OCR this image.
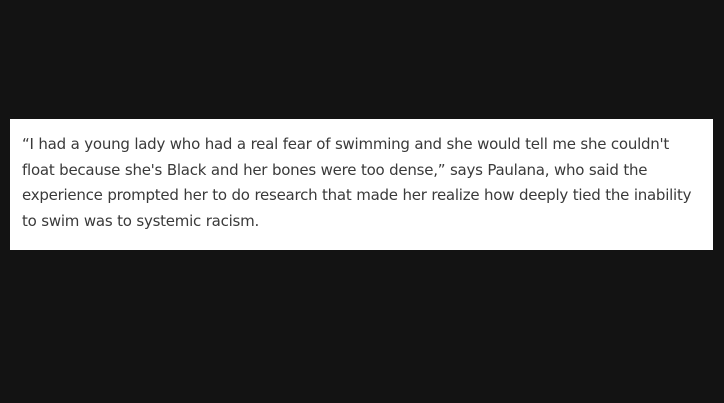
“I had a young lady who had a real fear of swimming and she would tell me she couldn't
float because she's Black and her bones were too dense,” says Paulana, who said the
experience prompted her to do research that made her realize how deeply tied the inability
to swim was to systemic racism.
